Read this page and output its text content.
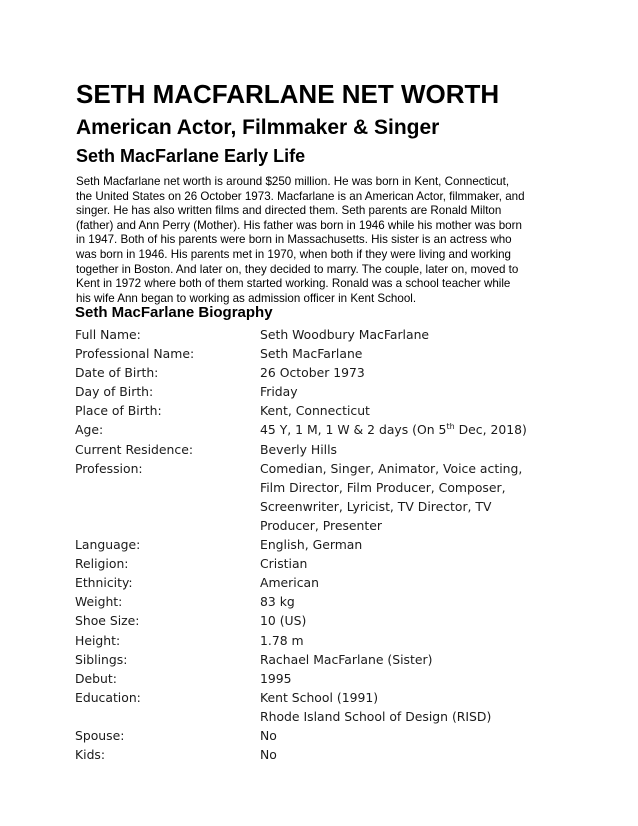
SETH MACFARLANE NET WORTH
American Actor, Filmmaker & Singer
Seth MacFarlane Early Life

Seth Macfarlane net worth is around $250 million. He was born in Kent, Connecticut,
the United States on 26 October 1973. Macfarlane is an American Actor, filmmaker, and
singer. He has also written films and directed them. Seth parents are Ronald Milton
(father) and Ann Perry (Mother). His father was born in 1946 while his mother was born
in 1947. Both of his parents were born in Massachusetts. His sister is an actress who
was born in 1946. His parents met in 1970, when both if they were living and working
together in Boston. And later on, they decided to marry. The couple, later on, moved to
Kent in 1972 where both of them started working. Ronald was a school teacher while
his wife Ann began to working as admission officer in Kent School.

Seth MacFarlane Biography
Full Name:	Seth Woodbury MacFarlane
Professional Name:	Seth MacFarlane
Date of Birth:	26 October 1973
Day of Birth:	Friday
Place of Birth:	Kent, Connecticut
Age:	45 Y, 1 M, 1 W & 2 days (On 5th Dec, 2018)
Current Residence:	Beverly Hills
Profession:	Comedian, Singer, Animator, Voice acting,
Film Director, Film Producer, Composer,
Screenwriter, Lyricist, TV Director, TV
Producer, Presenter
Language:	English, German
Religion:	Cristian
Ethnicity:	American
Weight:	83 kg
Shoe Size:	10 (US)
Height:	1.78 m
Siblings:	Rachael MacFarlane (Sister)
Debut:	1995
Education:	Kent School (1991)
Rhode Island School of Design (RISD)
Spouse:	No
Kids:	No
